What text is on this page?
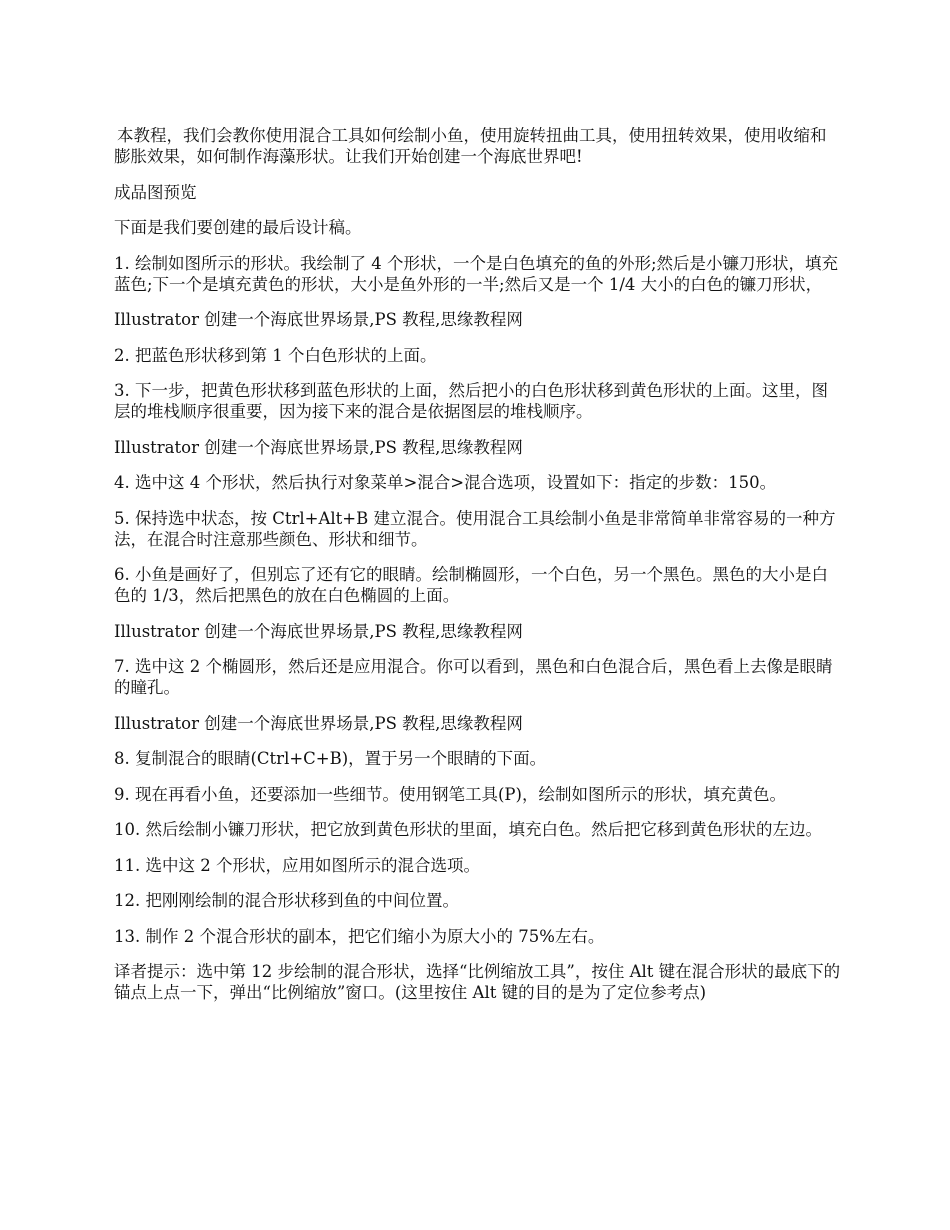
本教程，我们会教你使用混合工具如何绘制小鱼，使用旋转扭曲工具，使用扭转效果，使用收缩和膨胀效果，如何制作海藻形状。让我们开始创建一个海底世界吧!

成品图预览

下面是我们要创建的最后设计稿。

1. 绘制如图所示的形状。我绘制了 4 个形状，一个是白色填充的鱼的外形;然后是小镰刀形状，填充蓝色;下一个是填充黄色的形状，大小是鱼外形的一半;然后又是一个 1/4 大小的白色的镰刀形状，

Illustrator 创建一个海底世界场景,PS 教程,思缘教程网

2. 把蓝色形状移到第 1 个白色形状的上面。

3. 下一步，把黄色形状移到蓝色形状的上面，然后把小的白色形状移到黄色形状的上面。这里，图层的堆栈顺序很重要，因为接下来的混合是依据图层的堆栈顺序。

Illustrator 创建一个海底世界场景,PS 教程,思缘教程网

4. 选中这 4 个形状，然后执行对象菜单>混合>混合选项，设置如下：指定的步数：150。

5. 保持选中状态，按 Ctrl+Alt+B 建立混合。使用混合工具绘制小鱼是非常简单非常容易的一种方法，在混合时注意那些颜色、形状和细节。

6. 小鱼是画好了，但别忘了还有它的眼睛。绘制椭圆形，一个白色，另一个黑色。黑色的大小是白色的 1/3，然后把黑色的放在白色椭圆的上面。

Illustrator 创建一个海底世界场景,PS 教程,思缘教程网

7. 选中这 2 个椭圆形，然后还是应用混合。你可以看到，黑色和白色混合后，黑色看上去像是眼睛的瞳孔。

Illustrator 创建一个海底世界场景,PS 教程,思缘教程网

8. 复制混合的眼睛(Ctrl+C+B)，置于另一个眼睛的下面。

9. 现在再看小鱼，还要添加一些细节。使用钢笔工具(P)，绘制如图所示的形状，填充黄色。

10. 然后绘制小镰刀形状，把它放到黄色形状的里面，填充白色。然后把它移到黄色形状的左边。

11. 选中这 2 个形状，应用如图所示的混合选项。

12. 把刚刚绘制的混合形状移到鱼的中间位置。

13. 制作 2 个混合形状的副本，把它们缩小为原大小的 75%左右。

译者提示：选中第 12 步绘制的混合形状，选择“比例缩放工具”，按住 Alt 键在混合形状的最底下的锚点上点一下，弹出“比例缩放”窗口。(这里按住 Alt 键的目的是为了定位参考点)
